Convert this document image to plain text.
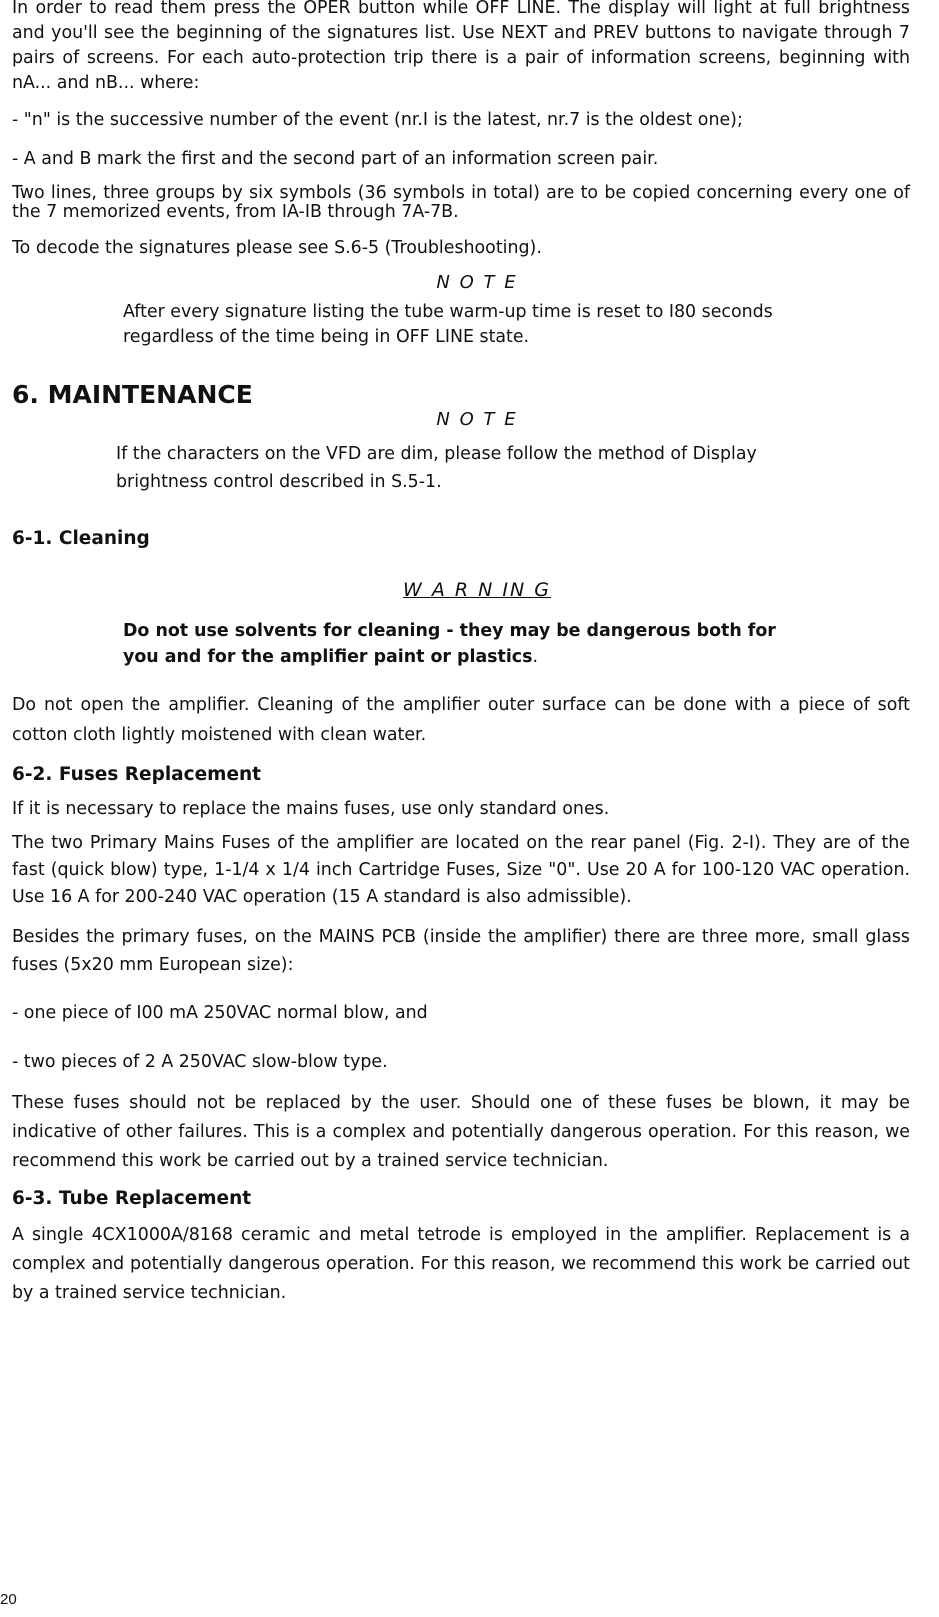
In order to read them press the OPER button while OFF LINE. The display will light at full brightness and you'll see the beginning of the signatures list. Use NEXT and PREV buttons to navigate through 7 pairs of screens. For each auto-protection trip there is a pair of information screens, beginning with nA... and nB... where:

- "n" is the successive number of the event (nr.I is the latest, nr.7 is the oldest one);

- A and B mark the first and the second part of an information screen pair.

Two lines, three groups by six symbols (36 symbols in total) are to be copied concerning every one of the 7 memorized events, from IA-IB through 7A-7B.

To decode the signatures please see S.6-5 (Troubleshooting).

N O T E

After every signature listing the tube warm-up time is reset to I80 seconds regardless of the time being in OFF LINE state.

6. MAINTENANCE

N O T E

If the characters on the VFD are dim, please follow the method of Display brightness control described in S.5-1.

6-1. Cleaning

W A R N IN G

Do not use solvents for cleaning - they may be dangerous both for you and for the amplifier paint or plastics.

Do not open the amplifier. Cleaning of the amplifier outer surface can be done with a piece of soft cotton cloth lightly moistened with clean water.

6-2. Fuses Replacement

If it is necessary to replace the mains fuses, use only standard ones.

The two Primary Mains Fuses of the amplifier are located on the rear panel (Fig. 2-I). They are of the fast (quick blow) type, 1-1/4 x 1/4 inch Cartridge Fuses, Size "0". Use 20 A for 100-120 VAC operation. Use 16 A for 200-240 VAC operation (15 A standard is also admissible).

Besides the primary fuses, on the MAINS PCB (inside the amplifier) there are three more, small glass fuses (5x20 mm European size):

- one piece of I00 mA 250VAC normal blow, and

- two pieces of 2 A 250VAC slow-blow type.

These fuses should not be replaced by the user. Should one of these fuses be blown, it may be indicative of other failures. This is a complex and potentially dangerous operation. For this reason, we recommend this work be carried out by a trained service technician.

6-3. Tube Replacement

A single 4CX1000A/8168 ceramic and metal tetrode is employed in the amplifier. Replacement is a complex and potentially dangerous operation. For this reason, we recommend this work be carried out by a trained service technician.

20
